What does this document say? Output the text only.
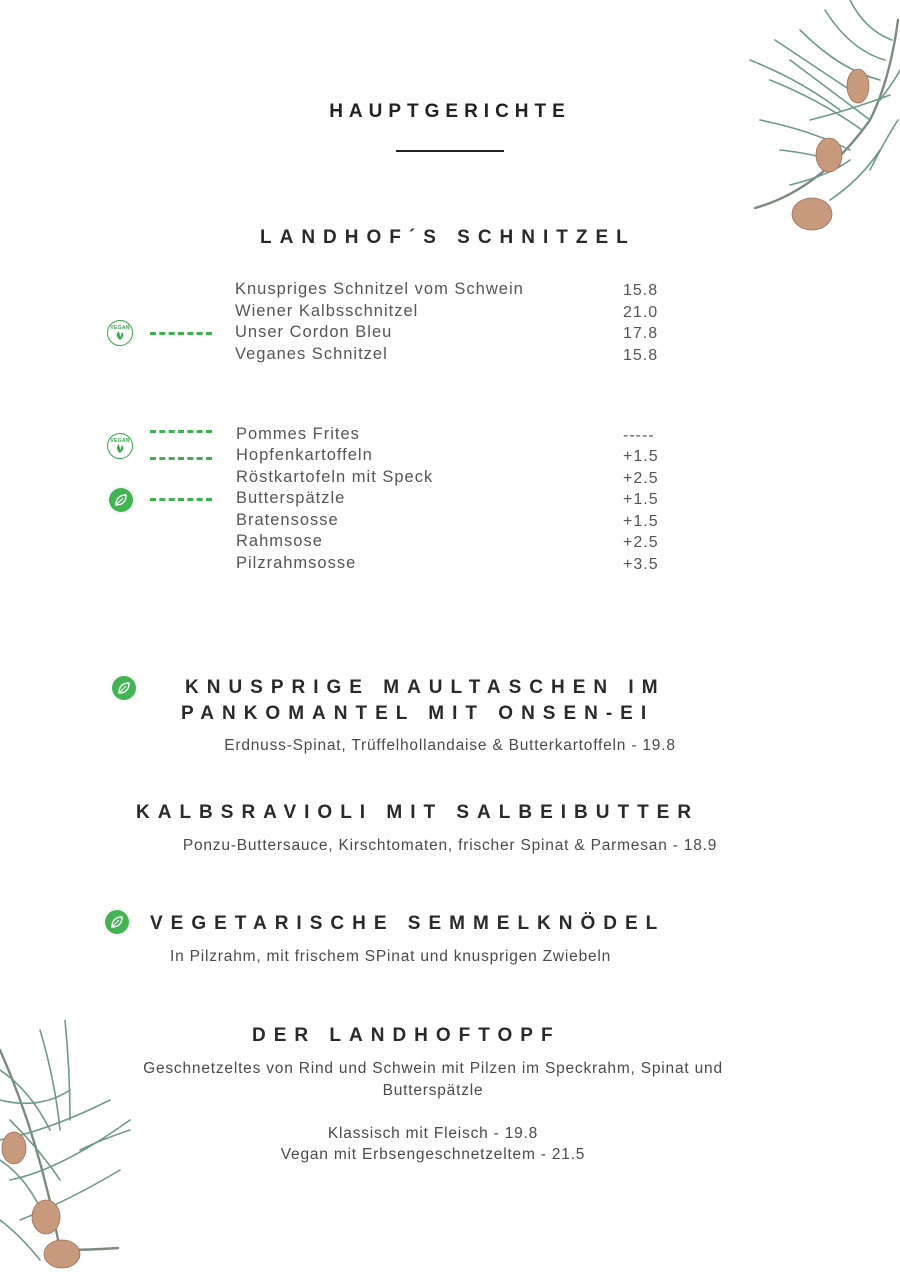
HAUPTGERICHTE
LANDHOF´S SCHNITZEL
Knuspriges Schnitzel vom Schwein	15.8
Wiener Kalbsschnitzel	21.0
Unser Cordon Bleu	17.8
Veganes Schnitzel	15.8
VEGAN
Pommes Frites	-----
Hopfenkartoffeln	+1.5
Röstkartofeln mit Speck	+2.5
Butterspätzle	+1.5
Bratensosse	+1.5
Rahmsose	+2.5
Pilzrahmsosse	+3.5
VEGAN
KNUSPRIGE MAULTASCHEN IM
PANKOMANTEL MIT ONSEN-EI
Erdnuss-Spinat, Trüffelhollandaise & Butterkartoffeln - 19.8
KALBSRAVIOLI MIT SALBEIBUTTER
Ponzu-Buttersauce, Kirschtomaten, frischer Spinat & Parmesan - 18.9
VEGETARISCHE SEMMELKNÖDEL
In Pilzrahm, mit frischem SPinat und knusprigen Zwiebeln
DER LANDHOFTOPF
Geschnetzeltes von Rind und Schwein mit Pilzen im Speckrahm, Spinat und
Butterspätzle
Klassisch mit Fleisch - 19.8
Vegan mit Erbsengeschnetzeltem - 21.5
